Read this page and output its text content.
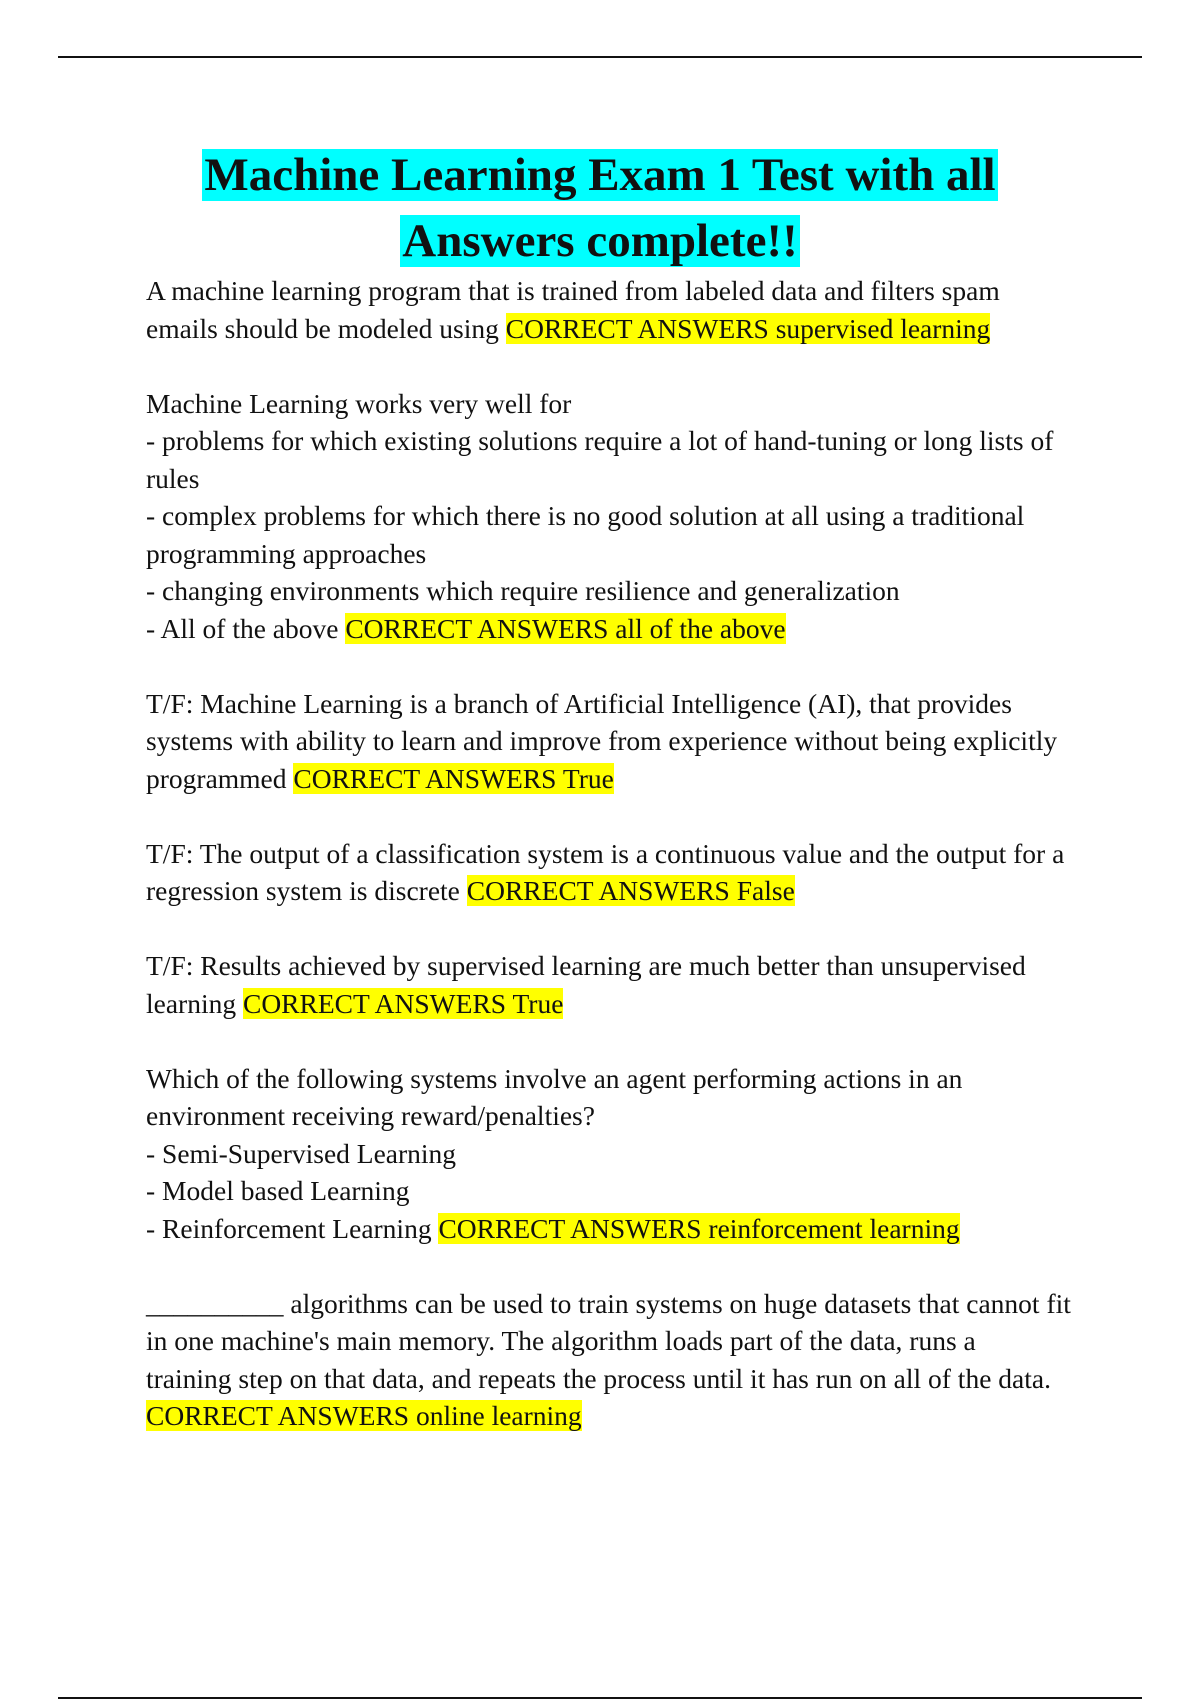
Machine Learning Exam 1 Test with all
Answers complete!!
A machine learning program that is trained from labeled data and filters spam
emails should be modeled using CORRECT ANSWERS supervised learning
Machine Learning works very well for
- problems for which existing solutions require a lot of hand-tuning or long lists of
rules
- complex problems for which there is no good solution at all using a traditional
programming approaches
- changing environments which require resilience and generalization
- All of the above CORRECT ANSWERS all of the above
T/F: Machine Learning is a branch of Artificial Intelligence (AI), that provides
systems with ability to learn and improve from experience without being explicitly
programmed CORRECT ANSWERS True
T/F: The output of a classification system is a continuous value and the output for a
regression system is discrete CORRECT ANSWERS False
T/F: Results achieved by supervised learning are much better than unsupervised
learning CORRECT ANSWERS True
Which of the following systems involve an agent performing actions in an
environment receiving reward/penalties?
- Semi-Supervised Learning
- Model based Learning
- Reinforcement Learning CORRECT ANSWERS reinforcement learning
__________ algorithms can be used to train systems on huge datasets that cannot fit
in one machine's main memory. The algorithm loads part of the data, runs a
training step on that data, and repeats the process until it has run on all of the data.
CORRECT ANSWERS online learning
